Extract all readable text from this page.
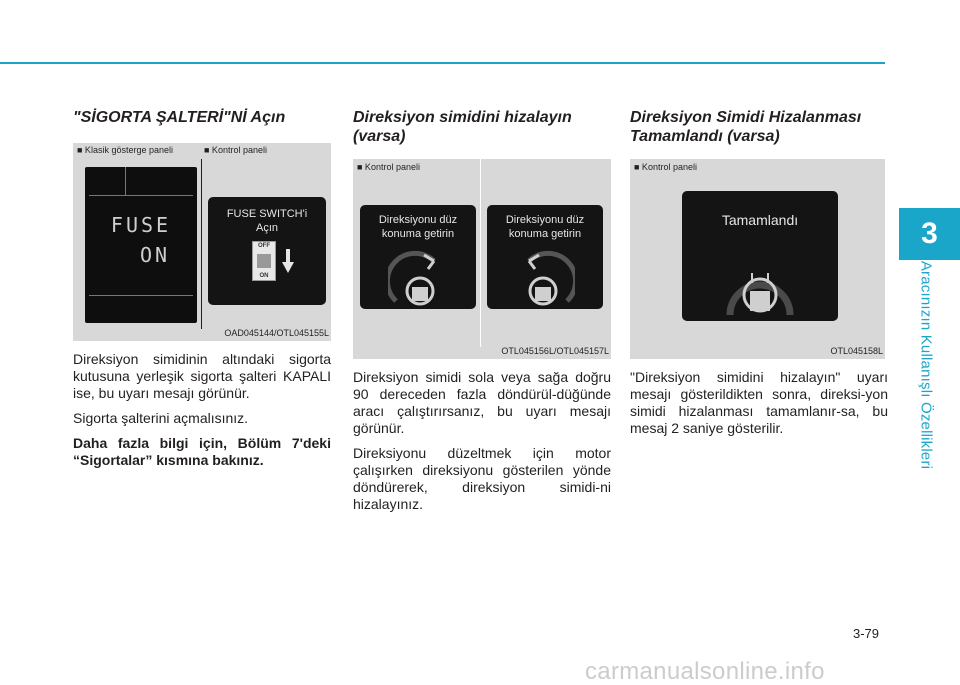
3
Aracınızın Kullanışlı Özellikleri
"SİGORTA ŞALTERİ"Nİ Açın
■ Klasik gösterge paneli	■ Kontrol paneli
FUSE
ON
FUSE SWITCH'i
Açın
OFF
ON
OAD045144/OTL045155L

Direksiyon simidinin altındaki sigorta kutusuna yerleşik sigorta şalteri KAPALI ise, bu uyarı mesajı görünür.

Sigorta şalterini açmalısınız.

Daha fazla bilgi için, Bölüm 7'deki “Sigortalar” kısmına bakınız.

Direksiyon simidini hizalayın (varsa)
■ Kontrol paneli
Direksiyonu düz
konuma getirin
Direksiyonu düz
konuma getirin
OTL045156L/OTL045157L

Direksiyon simidi sola veya sağa doğru 90 dereceden fazla döndürül-düğünde aracı çalıştırırsanız, bu uyarı mesajı görünür.

Direksiyonu düzeltmek için motor çalışırken direksiyonu gösterilen yönde döndürerek, direksiyon simidi-ni hizalayınız.

Direksiyon Simidi Hizalanması Tamamlandı (varsa)
■ Kontrol paneli
Tamamlandı
OTL045158L

"Direksiyon simidini hizalayın" uyarı mesajı gösterildikten sonra, direksi-yon simidi hizalanması tamamlanır-sa, bu mesaj 2 saniye gösterilir.

3-79
carmanualsonline.info
